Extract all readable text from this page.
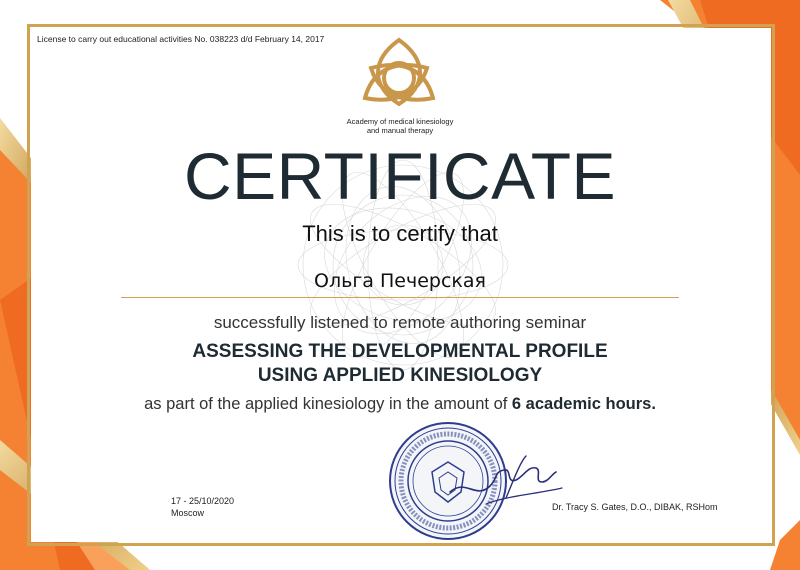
License to carry out educational activities No. 038223 d/d February 14, 2017
Academy of medical kinesiology
and manual therapy
CERTIFICATE
This is to certify that
Ольга Печерская
successfully listened to remote authoring seminar
ASSESSING THE DEVELOPMENTAL PROFILE
USING APPLIED KINESIOLOGY
as part of the applied kinesiology in the amount of 6 academic hours.
17 - 25/10/2020
Moscow
Dr. Tracy S. Gates, D.O., DIBAK, RSHom
